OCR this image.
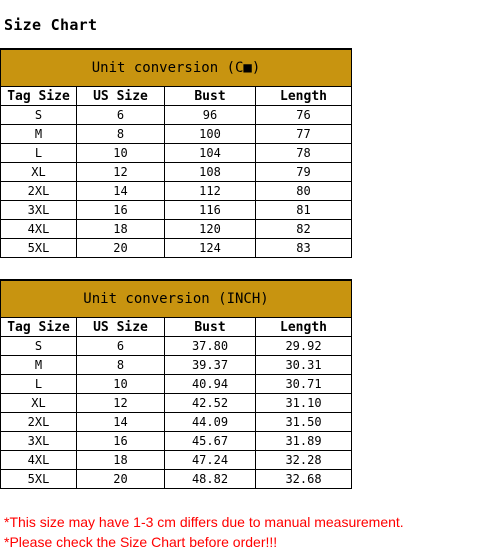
Size Chart
Unit conversion (C■)			
Tag Size	US Size	Bust	Length
S	6	96	76
M	8	100	77
L	10	104	78
XL	12	108	79
2XL	14	112	80
3XL	16	116	81
4XL	18	120	82
5XL	20	124	83
Unit conversion (INCH)			
Tag Size	US Size	Bust	Length
S	6	37.80	29.92
M	8	39.37	30.31
L	10	40.94	30.71
XL	12	42.52	31.10
2XL	14	44.09	31.50
3XL	16	45.67	31.89
4XL	18	47.24	32.28
5XL	20	48.82	32.68
*This size may have 1-3 cm differs due to manual measurement.
*Please check the Size Chart before order!!!
